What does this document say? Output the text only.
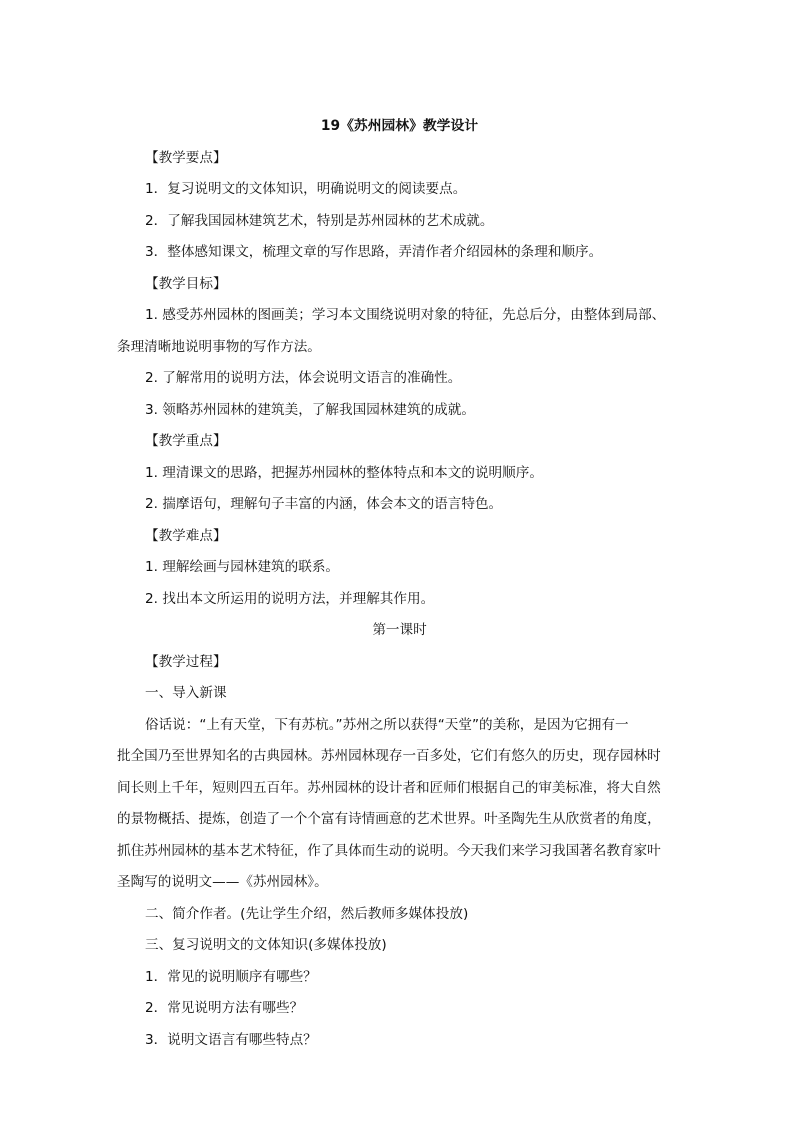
19《苏州园林》教学设计

【教学要点】

1．复习说明文的文体知识，明确说明文的阅读要点。

2．了解我国园林建筑艺术，特别是苏州园林的艺术成就。

3．整体感知课文，梳理文章的写作思路，弄清作者介绍园林的条理和顺序。

【教学目标】

1. 感受苏州园林的图画美；学习本文围绕说明对象的特征，先总后分，由整体到局部、

条理清晰地说明事物的写作方法。

2. 了解常用的说明方法，体会说明文语言的准确性。

3. 领略苏州园林的建筑美，了解我国园林建筑的成就。

【教学重点】

1. 理清课文的思路，把握苏州园林的整体特点和本文的说明顺序。

2. 揣摩语句，理解句子丰富的内涵，体会本文的语言特色。

【教学难点】

1. 理解绘画与园林建筑的联系。

2. 找出本文所运用的说明方法，并理解其作用。

第一课时

【教学过程】

一、导入新课

俗话说：“上有天堂，下有苏杭。”苏州之所以获得“天堂”的美称，是因为它拥有一

批全国乃至世界知名的古典园林。苏州园林现存一百多处，它们有悠久的历史，现存园林时

间长则上千年，短则四五百年。苏州园林的设计者和匠师们根据自己的审美标准，将大自然

的景物概括、提炼，创造了一个个富有诗情画意的艺术世界。叶圣陶先生从欣赏者的角度，

抓住苏州园林的基本艺术特征，作了具体而生动的说明。今天我们来学习我国著名教育家叶

圣陶写的说明文——《苏州园林》。

二、简介作者。(先让学生介绍，然后教师多媒体投放)

三、复习说明文的文体知识(多媒体投放)

1．常见的说明顺序有哪些？

2．常见说明方法有哪些？

3．说明文语言有哪些特点？
